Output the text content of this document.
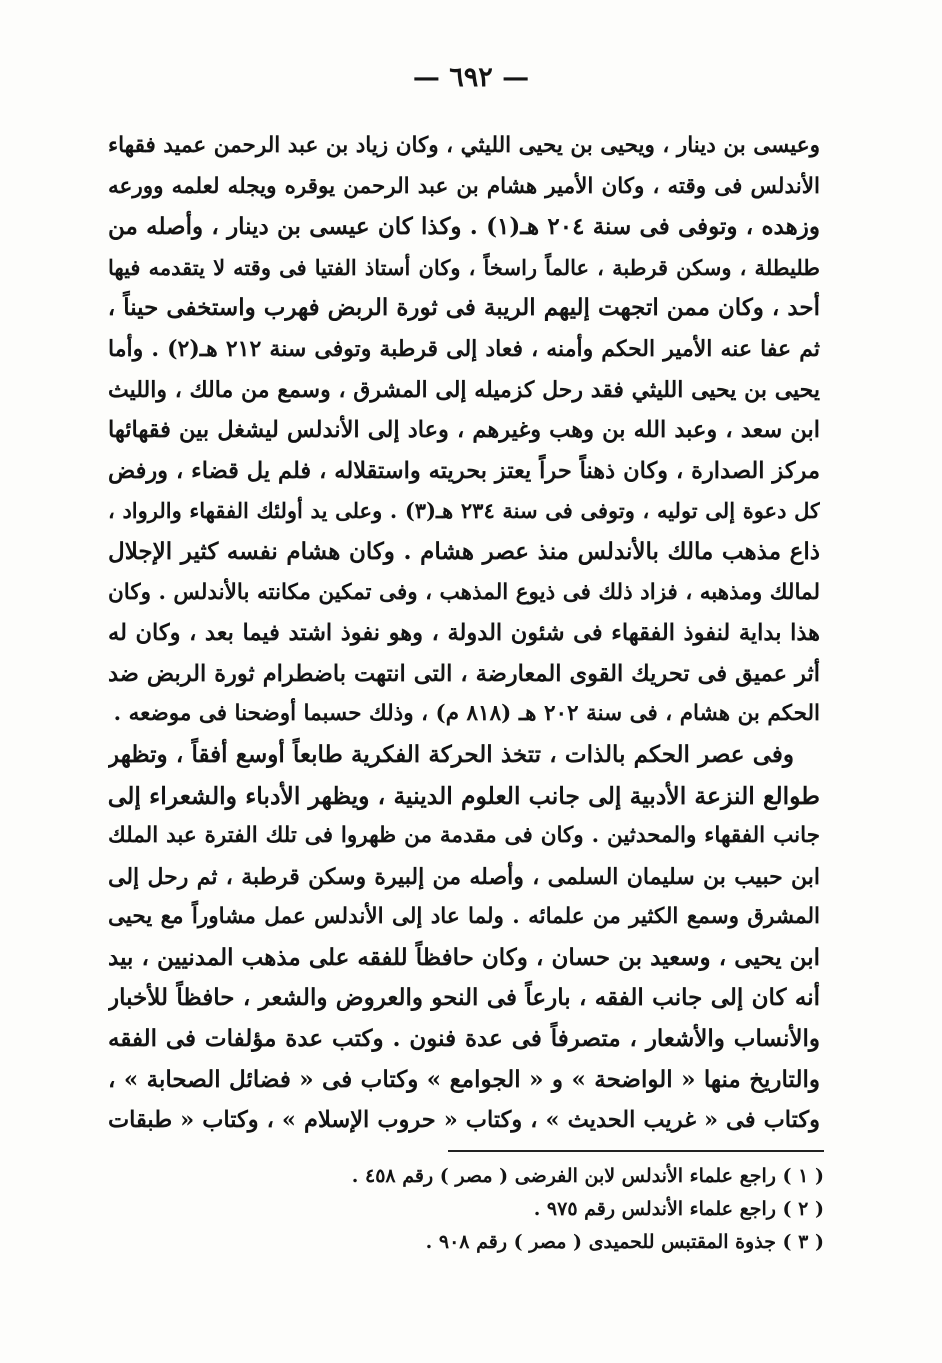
— ٦٩٢ —
وعيسى بن دينار ، ويحيى بن يحيى الليثي ، وكان زياد بن عبد الرحمن عميد فقهاء
الأندلس فى وقته ، وكان الأمير هشام بن عبد الرحمن يوقره ويجله لعلمه وورعه
وزهده ، وتوفى فى سنة ٢٠٤ هـ(١) . وكذا كان عيسى بن دينار ، وأصله من
طليطلة ، وسكن قرطبة ، عالماً راسخاً ، وكان أستاذ الفتيا فى وقته لا يتقدمه فيها
أحد ، وكان ممن اتجهت إليهم الريبة فى ثورة الربض فهرب واستخفى حيناً ،
ثم عفا عنه الأمير الحكم وأمنه ، فعاد إلى قرطبة وتوفى سنة ٢١٢ هـ(٢) . وأما
يحيى بن يحيى الليثي فقد رحل كزميله إلى المشرق ، وسمع من مالك ، والليث
ابن سعد ، وعبد الله بن وهب وغيرهم ، وعاد إلى الأندلس ليشغل بين فقهائها
مركز الصدارة ، وكان ذهناً حراً يعتز بحريته واستقلاله ، فلم يل قضاء ، ورفض
كل دعوة إلى توليه ، وتوفى فى سنة ٢٣٤ هـ(٣) . وعلى يد أولئك الفقهاء والرواد ،
ذاع مذهب مالك بالأندلس منذ عصر هشام . وكان هشام نفسه كثير الإجلال
لمالك ومذهبه ، فزاد ذلك فى ذيوع المذهب ، وفى تمكين مكانته بالأندلس . وكان
هذا بداية لنفوذ الفقهاء فى شئون الدولة ، وهو نفوذ اشتد فيما بعد ، وكان له
أثر عميق فى تحريك القوى المعارضة ، التى انتهت باضطرام ثورة الربض ضد
الحكم بن هشام ، فى سنة ٢٠٢ هـ (٨١٨ م) ، وذلك حسبما أوضحنا فى موضعه .
وفى عصر الحكم بالذات ، تتخذ الحركة الفكرية طابعاً أوسع أفقاً ، وتظهر
طوالع النزعة الأدبية إلى جانب العلوم الدينية ، ويظهر الأدباء والشعراء إلى
جانب الفقهاء والمحدثين . وكان فى مقدمة من ظهروا فى تلك الفترة عبد الملك
ابن حبيب بن سليمان السلمى ، وأصله من إلبيرة وسكن قرطبة ، ثم رحل إلى
المشرق وسمع الكثير من علمائه . ولما عاد إلى الأندلس عمل مشاوراً مع يحيى
ابن يحيى ، وسعيد بن حسان ، وكان حافظاً للفقه على مذهب المدنيين ، بيد
أنه كان إلى جانب الفقه ، بارعاً فى النحو والعروض والشعر ، حافظاً للأخبار
والأنساب والأشعار ، متصرفاً فى عدة فنون . وكتب عدة مؤلفات فى الفقه
والتاريخ منها « الواضحة » و « الجوامع » وكتاب فى « فضائل الصحابة » ،
وكتاب فى « غريب الحديث » ، وكتاب « حروب الإسلام » ، وكتاب « طبقات
( ١ ) راجع علماء الأندلس لابن الفرضى ( مصر ) رقم ٤٥٨ .
( ٢ ) راجع علماء الأندلس رقم ٩٧٥ .
( ٣ ) جذوة المقتبس للحميدى ( مصر ) رقم ٩٠٨ .
